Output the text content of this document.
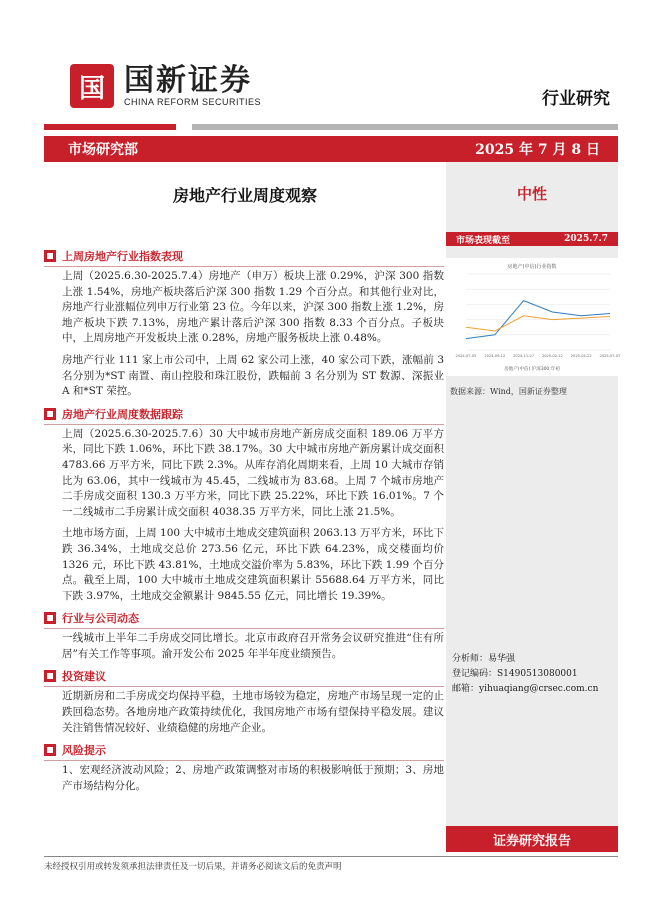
国 国新证券
CHINA REFORM SECURITIES	行业研究
市场研究部	2025 年 7 月 8 日
房地产行业周度观察	中性
市场表现截至	2025.7.7
房地产(中信)行业指数
房地产(中信) 沪深300 年初
2024-07-05 2024-09-12 2024-11-27 2025-02-12 2025-04-22 2025-07-07
数据来源：Wind，国新证券整理
分析师：易华强
登记编码：S1490513080001
邮箱：yihuaqiang@crsec.com.cn
证券研究报告
上周房地产行业指数表现

上周（2025.6.30-2025.7.4）房地产（申万）板块上涨 0.29%，沪深 300 指数上涨 1.54%，房地产板块落后沪深 300 指数 1.29 个百分点。和其他行业对比，房地产行业涨幅位列申万行业第 23 位。今年以来，沪深 300 指数上涨 1.2%，房地产板块下跌 7.13%，房地产累计落后沪深 300 指数 8.33 个百分点。子板块中，上周房地产开发板块上涨 0.28%，房地产服务板块上涨 0.48%。

房地产行业 111 家上市公司中，上周 62 家公司上涨，40 家公司下跌，涨幅前 3 名分别为*ST 南置、南山控股和珠江股份，跌幅前 3 名分别为 ST 数源、深振业 A 和*ST 荣控。

房地产行业周度数据跟踪

上周（2025.6.30-2025.7.6）30 大中城市房地产新房成交面积 189.06 万平方米，同比下跌 1.06%，环比下跌 38.17%。30 大中城市房地产新房累计成交面积 4783.66 万平方米，同比下跌 2.3%。从库存消化周期来看，上周 10 大城市存销比为 63.06，其中一线城市为 45.45，二线城市为 83.68。上周 7 个城市房地产二手房成交面积 130.3 万平方米，同比下跌 25.22%，环比下跌 16.01%。7 个一二线城市二手房累计成交面积 4038.35 万平方米，同比上涨 21.5%。

土地市场方面，上周 100 大中城市土地成交建筑面积 2063.13 万平方米，环比下跌 36.34%，土地成交总价 273.56 亿元，环比下跌 64.23%，成交楼面均价 1326 元，环比下跌 43.81%，土地成交溢价率为 5.83%，环比下跌 1.99 个百分点。截至上周，100 大中城市土地成交建筑面积累计 55688.64 万平方米，同比下跌 3.97%，土地成交金额累计 9845.55 亿元，同比增长 19.39%。

行业与公司动态

一线城市上半年二手房成交同比增长。北京市政府召开常务会议研究推进“住有所居”有关工作等事项。渝开发公布 2025 年半年度业绩预告。

投资建议

近期新房和二手房成交均保持平稳，土地市场较为稳定，房地产市场呈现一定的止跌回稳态势。各地房地产政策持续优化，我国房地产市场有望保持平稳发展。建议关注销售情况较好、业绩稳健的房地产企业。

风险提示

1、宏观经济波动风险；2、房地产政策调整对市场的积极影响低于预期；3、房地产市场结构分化。

未经授权引用或转发须承担法律责任及一切后果，并请务必阅读文后的免责声明
